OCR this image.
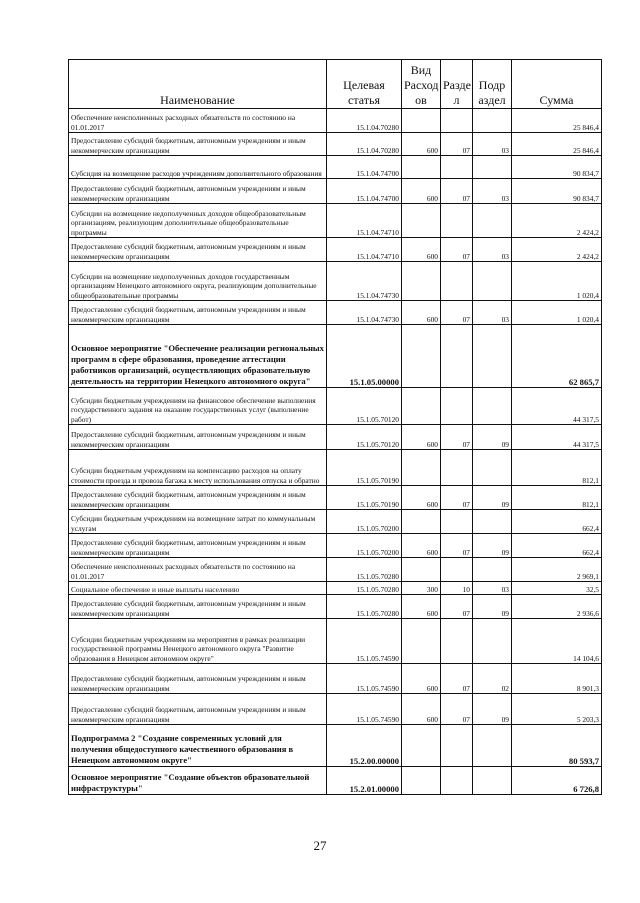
Наименование	Целевая статья	Вид Расход ов	Разде л	Подр аздел	Сумма
Обеспечение неисполненных расходных обязательств по состоянию на 01.01.2017	15.1.04.70280				25 846,4
Предоставление субсидий бюджетным, автономным учреждениям и иным некоммерческим организациям	15.1.04.70280	600	07	03	25 846,4
Субсидия на возмещение расходов учреждениям дополнительного образования	15.1.04.74700				90 834,7
Предоставление субсидий бюджетным, автономным учреждениям и иным некоммерческим организациям	15.1.04.74700	600	07	03	90 834,7
Субсидии на возмещение недополученных доходов общеобразовательным организациям, реализующим дополнительные общеобразовательные программы	15.1.04.74710				2 424,2
Предоставление субсидий бюджетным, автономным учреждениям и иным некоммерческим организациям	15.1.04.74710	600	07	03	2 424,2
Субсидии на возмещение недополученных доходов государственным организациям Ненецкого автономного округа, реализующим дополнительные общеобразовательные программы	15.1.04.74730				1 020,4
Предоставление субсидий бюджетным, автономным учреждениям и иным некоммерческим организациям	15.1.04.74730	600	07	03	1 020,4
Основное мероприятие "Обеспечение реализации региональных программ в сфере образования, проведение аттестации работников организаций, осуществляющих образовательную деятельность на территории Ненецкого автономного округа"	15.1.05.00000				62 865,7
Субсидии бюджетным учреждениям на финансовое обеспечение выполнения государственного задания на оказание государственных услуг (выполнение работ)	15.1.05.70120				44 317,5
Предоставление субсидий бюджетным, автономным учреждениям и иным некоммерческим организациям	15.1.05.70120	600	07	09	44 317,5
Субсидии бюджетным учреждениям на компенсацию расходов на оплату стоимости проезда и провоза багажа к месту использования отпуска и обратно	15.1.05.70190				812,1
Предоставление субсидий бюджетным, автономным учреждениям и иным некоммерческим организациям	15.1.05.70190	600	07	09	812,1
Субсидии бюджетным учреждениям на возмещение затрат по коммунальным услугам	15.1.05.70200				662,4
Предоставление субсидий бюджетным, автономным учреждениям и иным некоммерческим организациям	15.1.05.70200	600	07	09	662,4
Обеспечение неисполненных расходных обязательств по состоянию на 01.01.2017	15.1.05.70280				2 969,1
Социальное обеспечение и иные выплаты населению	15.1.05.70280	300	10	03	32,5
Предоставление субсидий бюджетным, автономным учреждениям и иным некоммерческим организациям	15.1.05.70280	600	07	09	2 936,6
Субсидии бюджетным учреждениям на мероприятия в рамках реализации государственной программы Ненецкого автономного округа "Развитие образования в Ненецком автономном округе"	15.1.05.74590				14 104,6
Предоставление субсидий бюджетным, автономным учреждениям и иным некоммерческим организациям	15.1.05.74590	600	07	02	8 901,3
Предоставление субсидий бюджетным, автономным учреждениям и иным некоммерческим организациям	15.1.05.74590	600	07	09	5 203,3
Подпрограмма 2 "Создание современных условий для получения общедоступного качественного образования в Ненецком автономном округе"	15.2.00.00000				80 593,7
Основное мероприятие "Создание объектов образовательной инфраструктуры"	15.2.01.00000				6 726,8
27
